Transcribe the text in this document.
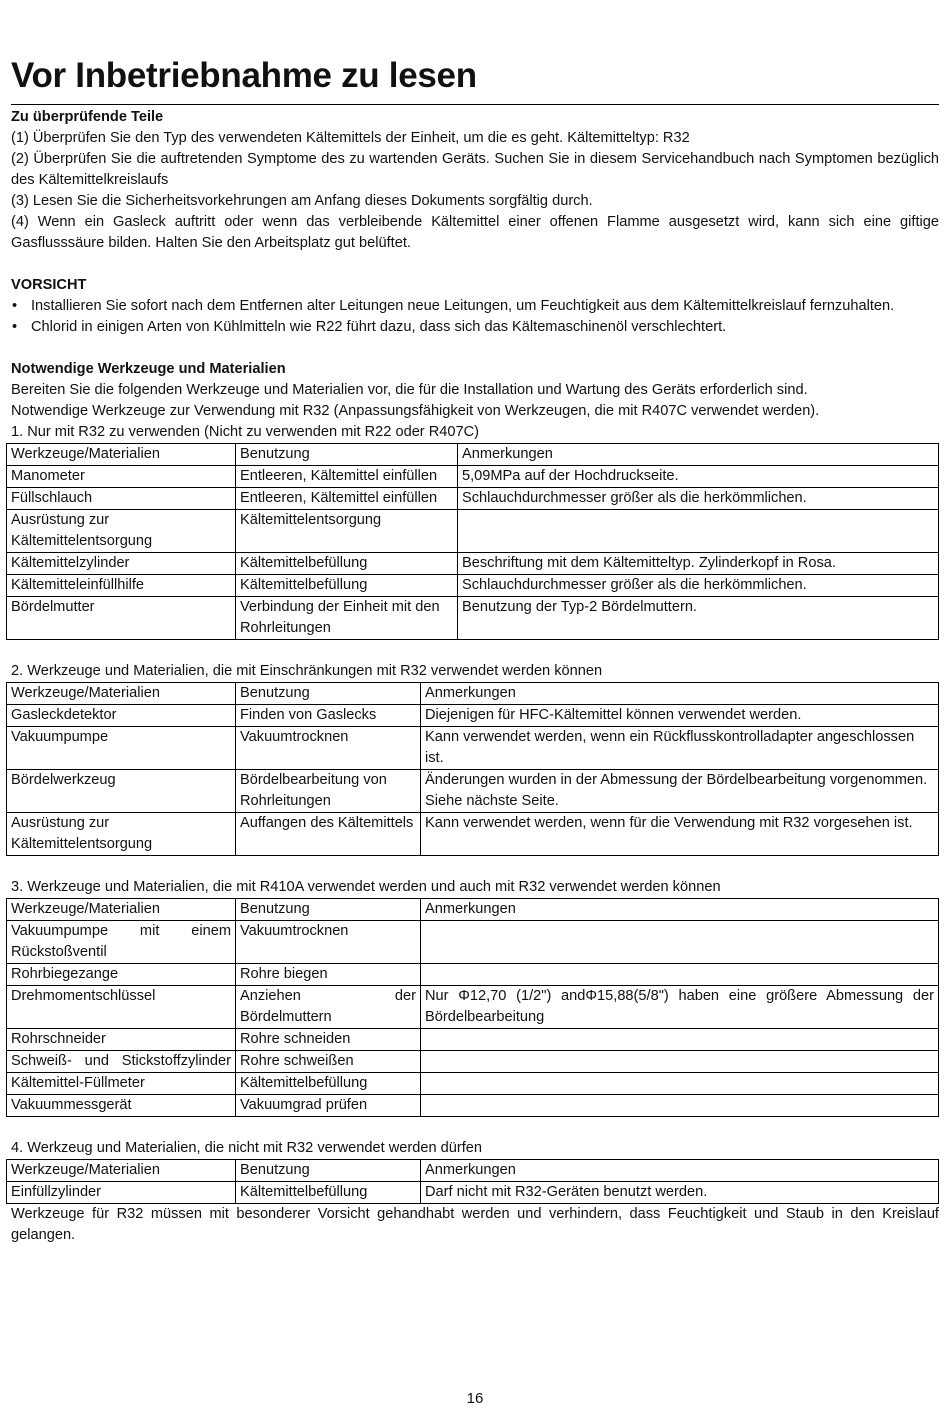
Vor Inbetriebnahme zu lesen

Zu überprüfende Teile

(1) Überprüfen Sie den Typ des verwendeten Kältemittels der Einheit, um die es geht. Kältemitteltyp: R32

(2) Überprüfen Sie die auftretenden Symptome des zu wartenden Geräts. Suchen Sie in diesem Servicehandbuch nach Symptomen bezüglich des Kältemittelkreislaufs

(3) Lesen Sie die Sicherheitsvorkehrungen am Anfang dieses Dokuments sorgfältig durch.

(4) Wenn ein Gasleck auftritt oder wenn das verbleibende Kältemittel einer offenen Flamme ausgesetzt wird, kann sich eine giftige Gasflusssäure bilden. Halten Sie den Arbeitsplatz gut belüftet.

VORSICHT

• Installieren Sie sofort nach dem Entfernen alter Leitungen neue Leitungen, um Feuchtigkeit aus dem Kältemittelkreislauf fernzuhalten.
• Chlorid in einigen Arten von Kühlmitteln wie R22 führt dazu, dass sich das Kältemaschinenöl verschlechtert.

Notwendige Werkzeuge und Materialien

Bereiten Sie die folgenden Werkzeuge und Materialien vor, die für die Installation und Wartung des Geräts erforderlich sind.

Notwendige Werkzeuge zur Verwendung mit R32 (Anpassungsfähigkeit von Werkzeugen, die mit R407C verwendet werden).

1. Nur mit R32 zu verwenden (Nicht zu verwenden mit R22 oder R407C)

Werkzeuge/Materialien	Benutzung	Anmerkungen
Manometer	Entleeren, Kältemittel einfüllen	5,09MPa auf der Hochdruckseite.
Füllschlauch	Entleeren, Kältemittel einfüllen	Schlauchdurchmesser größer als die herkömmlichen.
Ausrüstung zur Kältemittelentsorgung	Kältemittelentsorgung	
Kältemittelzylinder	Kältemittelbefüllung	Beschriftung mit dem Kältemitteltyp. Zylinderkopf in Rosa.
Kältemitteleinfüllhilfe	Kältemittelbefüllung	Schlauchdurchmesser größer als die herkömmlichen.
Bördelmutter	Verbindung der Einheit mit den Rohrleitungen	Benutzung der Typ-2 Bördelmuttern.

2. Werkzeuge und Materialien, die mit Einschränkungen mit R32 verwendet werden können

Werkzeuge/Materialien	Benutzung	Anmerkungen
Gasleckdetektor	Finden von Gaslecks	Diejenigen für HFC-Kältemittel können verwendet werden.
Vakuumpumpe	Vakuumtrocknen	Kann verwendet werden, wenn ein Rückflusskontrolladapter angeschlossen ist.
Bördelwerkzeug	Bördelbearbeitung von Rohrleitungen	Änderungen wurden in der Abmessung der Bördelbearbeitung vorgenommen. Siehe nächste Seite.
Ausrüstung zur Kältemittelentsorgung	Auffangen des Kältemittels	Kann verwendet werden, wenn für die Verwendung mit R32 vorgesehen ist.

3. Werkzeuge und Materialien, die mit R410A verwendet werden und auch mit R32 verwendet werden können

Werkzeuge/Materialien	Benutzung	Anmerkungen
Vakuumpumpe mit einem Rückstoßventil	Vakuumtrocknen	
Rohrbiegezange	Rohre biegen	
Drehmomentschlüssel	Anziehen der Bördelmuttern	Nur Φ12,70 (1/2") andΦ15,88(5/8") haben eine größere Abmessung der Bördelbearbeitung
Rohrschneider	Rohre schneiden	
Schweiß- und Stickstoffzylinder	Rohre schweißen	
Kältemittel-Füllmeter	Kältemittelbefüllung	
Vakuummessgerät	Vakuumgrad prüfen	

4. Werkzeug und Materialien, die nicht mit R32 verwendet werden dürfen

Werkzeuge/Materialien	Benutzung	Anmerkungen
Einfüllzylinder	Kältemittelbefüllung	Darf nicht mit R32-Geräten benutzt werden.

Werkzeuge für R32 müssen mit besonderer Vorsicht gehandhabt werden und verhindern, dass Feuchtigkeit und Staub in den Kreislauf gelangen.

16
